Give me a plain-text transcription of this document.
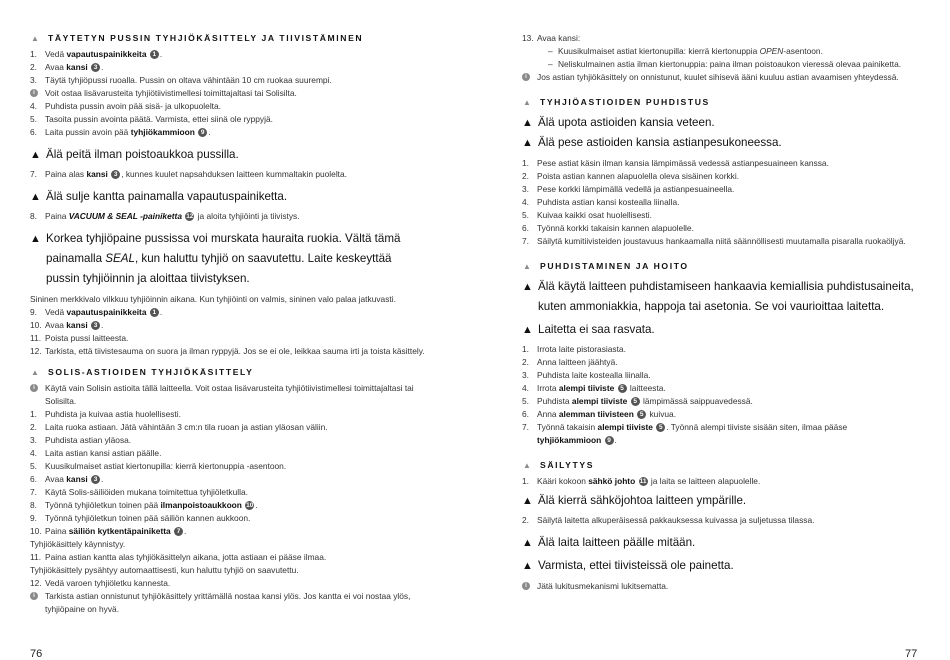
▲ TÄYTETYN PUSSIN TYHJIÖKÄSITTELY JA TIIVISTÄMINEN
1. Vedä vapautuspainikkeita 1 .
2. Avaa kansi 3 .
3. Täytä tyhjiöpussi ruoalla. Pussin on oltava vähintään 10 cm ruokaa suurempi.
i	Voit ostaa lisävarusteita tyhjiötiivistimellesi toimittajaltasi tai Solisilta.
4. Puhdista pussin avoin pää sisä- ja ulkopuolelta.
5. Tasoita pussin avointa päätä. Varmista, ettei siinä ole ryppyjä.
6. Laita pussin avoin pää tyhjiökammioon 9 .
▲ Älä peitä ilman poistoaukkoa pussilla.
7. Paina alas kansi 3 , kunnes kuulet napsahduksen laitteen kummaltakin puolelta.
▲ Älä sulje kantta painamalla vapautuspainiketta.
8. Paina VACUUM & SEAL -painiketta 12 ja aloita tyhjiöinti ja tiivistys.
▲ Korkea tyhjiöpaine pussissa voi murskata hauraita ruokia. Vältä tämä painamalla SEAL, kun haluttu tyhjiö on saavutettu. Laite keskeyttää pussin tyhjiöinnin ja aloittaa tiivistyksen.
Sininen merkkivalo vilkkuu tyhjiöinnin aikana. Kun tyhjiöinti on valmis, sininen valo palaa jatkuvasti.
9. Vedä vapautuspainikkeita 1 .
10. Avaa kansi 3 .
11. Poista pussi laitteesta.
12. Tarkista, että tiivistesauma on suora ja ilman ryppyjä. Jos se ei ole, leikkaa sauma irti ja toista käsittely.
▲ SOLIS-ASTIOIDEN TYHJIÖKÄSITTELY
i	Käytä vain Solisin astioita tällä laitteella. Voit ostaa lisävarusteita tyhjiötiivistimellesi toimittajaltasi tai
Solisilta.
1. Puhdista ja kuivaa astia huolellisesti.
2. Laita ruoka astiaan. Jätä vähintään 3 cm:n tila ruoan ja astian yläosan väliin.
3. Puhdista astian yläosa.
4. Laita astian kansi astian päälle.
5. Kuusikulmaiset astiat kiertonupilla: kierrä kiertonuppia -asentoon.
6. Avaa kansi 3 .
7. Käytä Solis-säiliöiden mukana toimitettua tyhjiöletkulla.
8. Työnnä tyhjiöletkun toinen pää ilmanpoistoaukkoon 10 .
9. Työnnä tyhjiöletkun toinen pää säiliön kannen aukkoon.
10. Paina säiliön kytkentäpainiketta 7 .
Tyhjiökäsittely käynnistyy.
11. Paina astian kantta alas tyhjiökäsittelyn aikana, jotta astiaan ei pääse ilmaa.
Tyhjiökäsittely pysähtyy automaattisesti, kun haluttu tyhjiö on saavutettu.
12. Vedä varoen tyhjiöletku kannesta.
i	Tarkista astian onnistunut tyhjiökäsittely yrittämällä nostaa kansi ylös. Jos kantta ei voi nostaa ylös,
tyhjiöpaine on hyvä.
13. Avaa kansi:
– Kuusikulmaiset astiat kiertonupilla: kierrä kiertonuppia OPEN-asentoon.
– Neliskulmainen astia ilman kiertonuppia: paina ilman poistoaukon vieressä olevaa painiketta.
i	Jos astian tyhjiökäsittely on onnistunut, kuulet sihisevä ääni kuuluu astian avaamisen yhteydessä.
▲ TYHJIÖASTIOIDEN PUHDISTUS
▲ Älä upota astioiden kansia veteen.
▲ Älä pese astioiden kansia astianpesukoneessa.
1. Pese astiat käsin ilman kansia lämpimässä vedessä astianpesuaineen kanssa.
2. Poista astian kannen alapuolella oleva sisäinen korkki.
3. Pese korkki lämpimällä vedellä ja astianpesuaineella.
4. Puhdista astian kansi kostealla liinalla.
5. Kuivaa kaikki osat huolellisesti.
6. Työnnä korkki takaisin kannen alapuolelle.
7. Säilytä kumitiivisteiden joustavuus hankaamalla niitä säännöllisesti muutamalla pisaralla ruokaöljyä.
▲ PUHDISTAMINEN JA HOITO
▲ Älä käytä laitteen puhdistamiseen hankaavia kemiallisia puhdistusaineita, kuten ammoniakkia, happoja tai asetonia. Se voi vaurioittaa laitetta.
▲ Laitetta ei saa rasvata.
1. Irrota laite pistorasiasta.
2. Anna laitteen jäähtyä.
3. Puhdista laite kostealla liinalla.
4. Irrota alempi tiiviste 5 laitteesta.
5. Puhdista alempi tiiviste 5 lämpimässä saippuavedessä.
6. Anna alemman tiivisteen 5 kuivua.
7. Työnnä takaisin alempi tiiviste 5 . Työnnä alempi tiiviste sisään siten, ilmaa pääse
tyhjiökammioon 9 .
▲ SÄILYTYS
1. Kääri kokoon sähkö johto 11 ja laita se laitteen alapuolelle.
▲ Älä kierrä sähköjohtoa laitteen ympärille.
2. Säilytä laitetta alkuperäisessä pakkauksessa kuivassa ja suljetussa tilassa.
▲ Älä laita laitteen päälle mitään.
▲ Varmista, ettei tiivisteissä ole painetta.
i	Jätä lukitusmekanismi lukitsematta.
76	77
